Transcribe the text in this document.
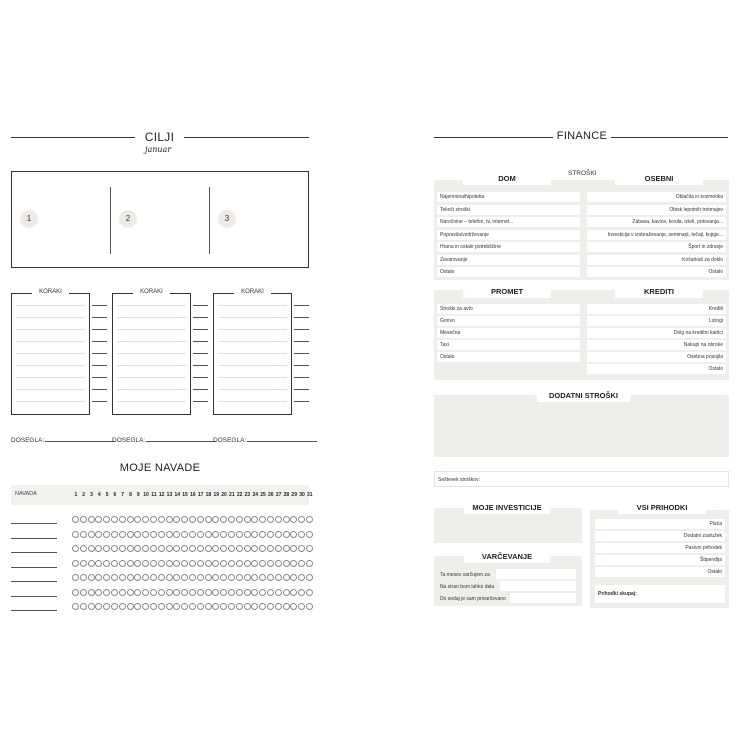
CILJI
januar
1	2	3
KORAKI	KORAKI	KORAKI
DOSEGLA:	DOSEGLA:	DOSEGLA:
MOJE NAVADE
NAVADA	1	2	3	4	5	6	7	8	9 10 11 12 13 14 15 16 17 18 19 20 21 22 23 24 25 26 27 28 29 30 31
FINANCE
STROŠKI
DOM	OSEBNI
Najemnina/hipoteka
Tekoči stroški
Naročnine – telefon, tv, internet...
Popravila/vzdrževanje
Hrana in ostale potrebščine
Zavarovanje
Ostalo
Oblačila in kozmetika
Obisk lepotnih tretmajev
Zabava, kavice, kosila, izleti, potovanja...
Investicija v izobraževanje, seminarji, tečaji, knjige...
Šport in zdravje
Košarkaš za doklo
Ostalo
PROMET	KREDITI
Stroški za avto
Gorivo
Mesečna
Taxi
Ostalo
Krediti
Lizingi
Dolg na kreditni kartici
Nakupi na obroke
Osebna posojila
Ostalo
DODATNI STROŠKI
Seštevek stroškov:
MOJE INVESTICIJE
VARČEVANJE
Ta mesec varčujem za
Na stran bom lahko dala
Do sedaj je sam privarčevano
VSI PRIHODKI
Plača
Dodatni zaslužek
Pasivni prihodek
Štipendija
Ostalo
Prihodki skupaj:
